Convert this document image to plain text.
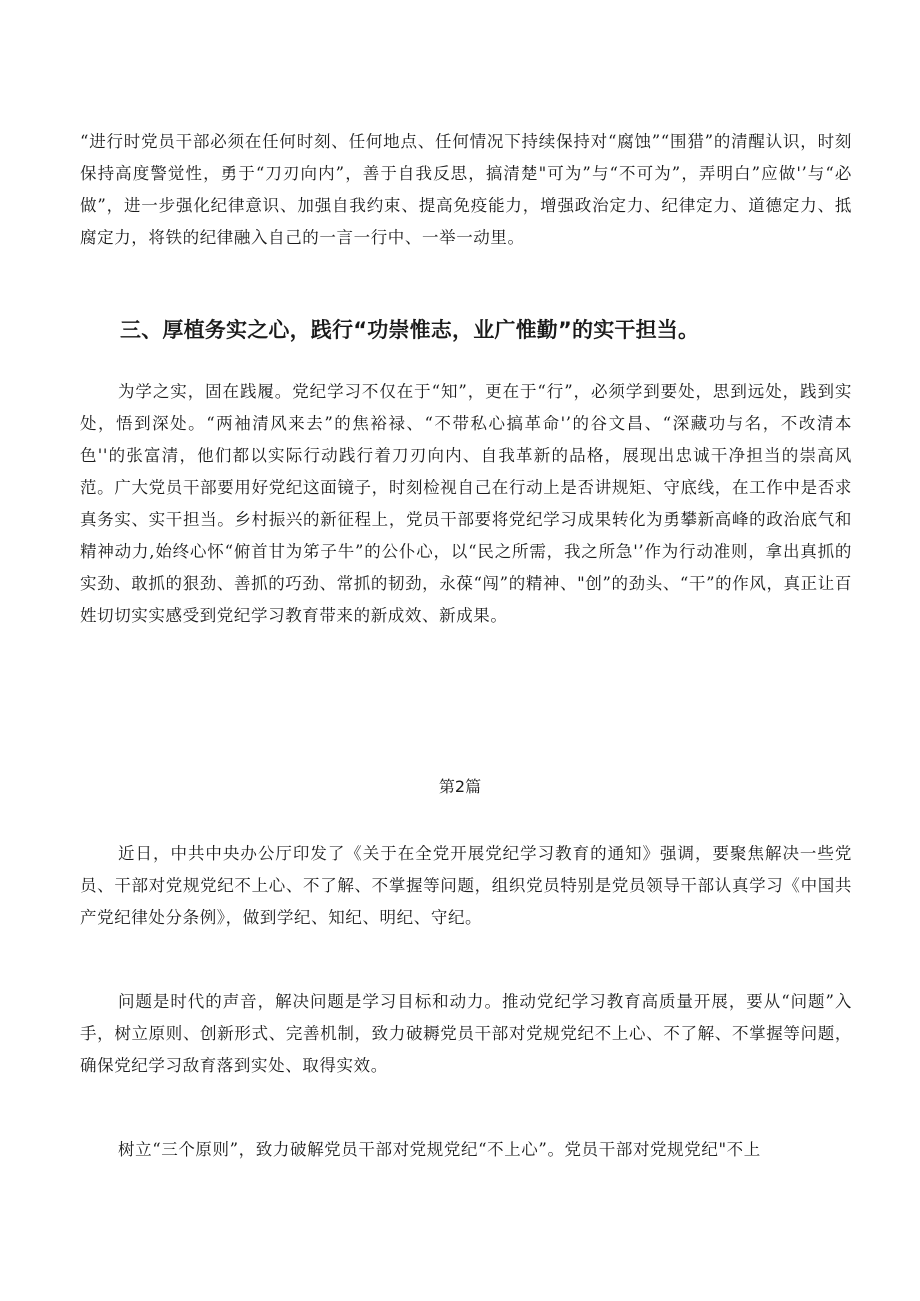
“进行时党员干部必须在任何时刻、任何地点、任何情况下持续保持对“腐蚀”“围猎”的清醒认识，时刻保持高度警觉性，勇于“刀刃向内”，善于自我反思，搞清楚"可为”与“不可为”，弄明白”应做'’与“必做”，进一步强化纪律意识、加强自我约束、提高免疫能力，增强政治定力、纪律定力、道德定力、抵腐定力，将铁的纪律融入自己的一言一行中、一举一动里。

三、厚植务实之心，践行“功崇惟志，业广惟勤”的实干担当。

为学之实，固在践履。党纪学习不仅在于“知”，更在于“行”，必须学到要处，思到远处，践到实处，悟到深处。“两袖清风来去”的焦裕禄、“不带私心搞革命'’的谷文昌、“深藏功与名，不改清本色''的张富清，他们都以实际行动践行着刀刃向内、自我革新的品格，展现出忠诚干净担当的崇高风范。广大党员干部要用好党纪这面镜子，时刻检视自己在行动上是否讲规矩、守底线，在工作中是否求真务实、实干担当。乡村振兴的新征程上，党员干部要将党纪学习成果转化为勇攀新高峰的政治底气和精神动力,始终心怀“俯首甘为笫子牛”的公仆心，以“民之所需，我之所急'’作为行动准则，拿出真抓的实劲、敢抓的狠劲、善抓的巧劲、常抓的韧劲，永葆“闯”的精神、"创”的劲头、“干”的作风，真正让百姓切切实实感受到党纪学习教育带来的新成效、新成果。

第2篇

近日，中共中央办公厅印发了《关于在全党开展党纪学习教育的通知》强调，要聚焦解决一些党员、干部对党规党纪不上心、不了解、不掌握等问题，组织党员特别是党员领导干部认真学习《中国共产党纪律处分条例》，做到学纪、知纪、明纪、守纪。

问题是时代的声音，解决问题是学习目标和动力。推动党纪学习教育高质量开展，要从“问题”入手，树立原则、创新形式、完善机制，致力破耨党员干部对党规党纪不上心、不了解、不掌握等问题，确保党纪学习敌育落到实处、取得实效。

树立“三个原则”，致力破解党员干部对党规党纪“不上心”。党员干部对党规党纪"不上
